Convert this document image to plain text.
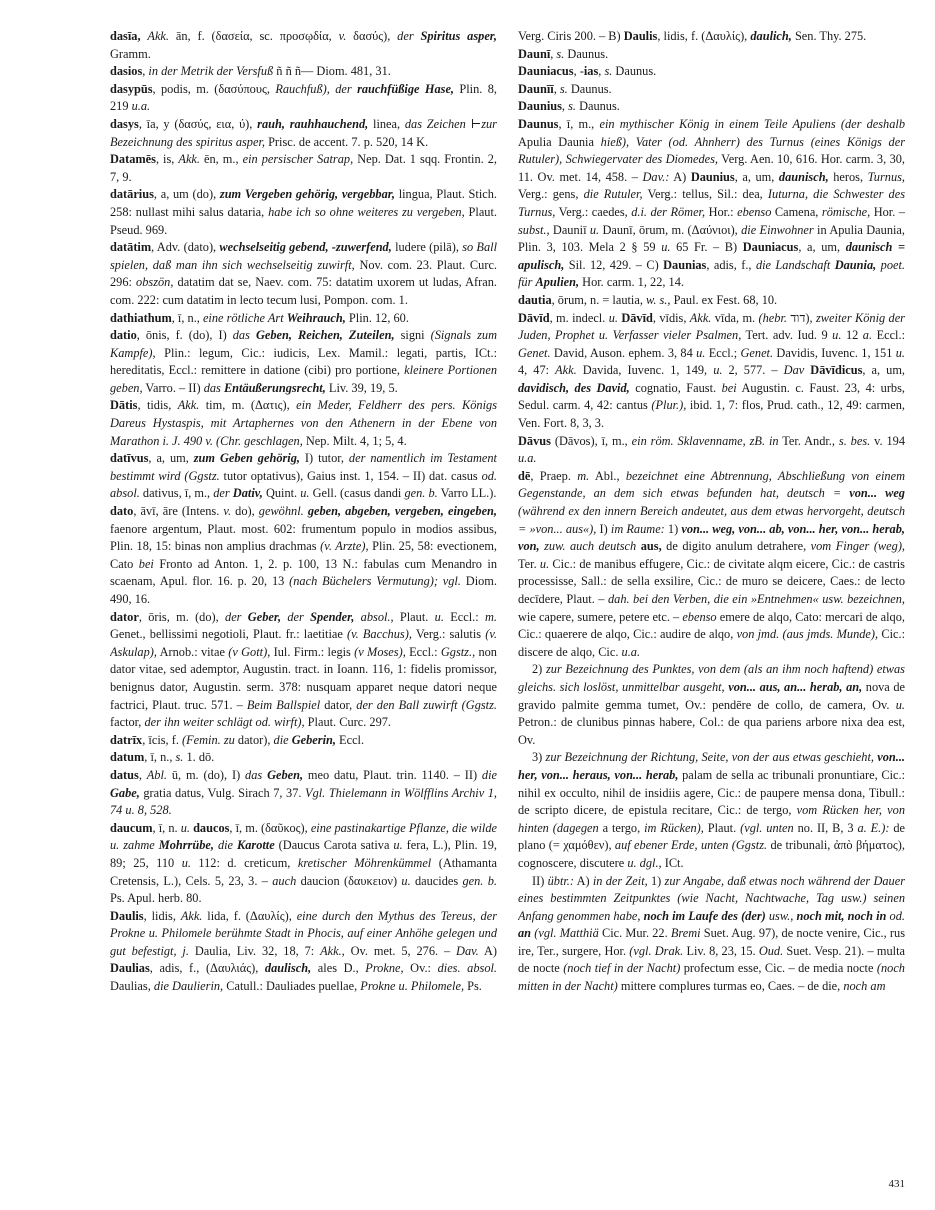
dasīa, Akk. ān, f. (δασεία, sc. προσῳδία, v. δασύς), der Spiritus asper, Gramm.

dasios, in der Metrik der Versfuß ñ ñ ñ— Diom. 481, 31.

dasypūs, podis, m. (δασύπους, Rauchfuß), der rauchfüßige Hase, Plin. 8, 219 u.a.

dasys, īa, y (δασύς, εια, ύ), rauh, rauhhauchend, linea, das Zeichen ⊢zur Bezeichnung des spiritus asper, Prisc. de accent. 7. p. 520, 14 K.

Datamēs, is, Akk. ēn, m., ein persischer Satrap, Nep. Dat. 1 sqq. Frontin. 2, 7, 9.

datārius, a, um (do), zum Vergeben gehörig, vergebbar, lingua, Plaut. Stich. 258: nullast mihi salus dataria, habe ich so ohne weiteres zu vergeben, Plaut. Pseud. 969.

datātim, Adv. (dato), wechselseitig gebend, -zuwerfend, ludere (pilā), so Ball spielen, daß man ihn sich wechselseitig zuwirft, Nov. com. 23. Plaut. Curc. 296: obszön, datatim dat se, Naev. com. 75: datatim uxorem ut ludas, Afran. com. 222: cum datatim in lecto tecum lusi, Pompon. com. 1.

dathiathum, ī, n., eine rötliche Art Weihrauch, Plin. 12, 60.

datio, ōnis, f. (do), I) das Geben, Reichen, Zuteilen, signi (Signals zum Kampfe), Plin.: legum, Cic.: iudicis, Lex. Mamil.: legati, partis, ICt.: hereditatis, Eccl.: remittere in datione (cibi) pro portione, kleinere Portionen geben, Varro. – II) das Entäußerungsrecht, Liv. 39, 19, 5.

Dātis, tidis, Akk. tim, m. (Δατις), ein Meder, Feldherr des pers. Königs Dareus Hystaspis, mit Artaphernes von den Athenern in der Ebene von Marathon i. J. 490 v. (Chr. geschlagen, Nep. Milt. 4, 1; 5, 4.

datīvus, a, um, zum Geben gehörig, I) tutor, der namentlich im Testament bestimmt wird (Ggstz. tutor optativus), Gaius inst. 1, 154. – II) dat. casus od. absol. dativus, ī, m., der Dativ, Quint. u. Gell. (casus dandi gen. b. Varro LL.).

dato, āvī, āre (Intens. v. do), gewöhnl. geben, abgeben, vergeben, eingeben, faenore argentum, Plaut. most. 602: frumentum populo in modios assibus, Plin. 18, 15: binas non amplius drachmas (v. Arzte), Plin. 25, 58: evectionem, Cato bei Fronto ad Anton. 1, 2. p. 100, 13 N.: fabulas cum Menandro in scaenam, Apul. flor. 16. p. 20, 13 (nach Büchelers Vermutung); vgl. Diom. 490, 16.

dator, ōris, m. (do), der Geber, der Spender, absol., Plaut. u. Eccl.: m. Genet., bellissimi negotioli, Plaut. fr.: laetitiae (v. Bacchus), Verg.: salutis (v. Askulap), Arnob.: vitae (v Gott), Iul. Firm.: legis (v Moses), Eccl.: Ggstz., non dator vitae, sed ademptor, Augustin. tract. in Ioann. 116, 1: fidelis promissor, benignus dator, Augustin. serm. 378: nusquam apparet neque datori neque factrici, Plaut. truc. 571. – Beim Ballspiel dator, der den Ball zuwirft (Ggstz. factor, der ihn weiter schlägt od. wirft), Plaut. Curc. 297.

datrīx, īcis, f. (Femin. zu dator), die Geberin, Eccl.

datum, ī, n., s. 1. dō.

datus, Abl. ū, m. (do), I) das Geben, meo datu, Plaut. trin. 1140. – II) die Gabe, gratia datus, Vulg. Sirach 7, 37. Vgl. Thielemann in Wölfflins Archiv 1, 74 u. 8, 528.

daucum, ī, n. u. daucos, ī, m. (δαῦκος), eine pastinakartige Pflanze, die wilde u. zahme Mohrrübe, die Karotte (Daucus Carota sativa u. fera, L.), Plin. 19, 89; 25, 110 u. 112: d. creticum, kretischer Möhrenkümmel (Athamanta Cretensis, L.), Cels. 5, 23, 3. – auch daucion (δαυκειον) u. daucides gen. b. Ps. Apul. herb. 80.

Daulis, lidis, Akk. lida, f. (Δαυλίς), eine durch den Mythus des Tereus, der Prokne u. Philomele berühmte Stadt in Phocis, auf einer Anhöhe gelegen und gut befestigt, j. Daulia, Liv. 32, 18, 7: Akk., Ov. met. 5, 276. – Dav. A) Daulias, adis, f., (Δαυλιάς), daulisch, ales D., Prokne, Ov.: dies. absol. Daulias, die Daulierin, Catull.: Dauliades puellae, Prokne u. Philomele, Ps.

Verg. Ciris 200. – B) Daulis, lidis, f. (Δαυλίς), daulich, Sen. Thy. 275.

Daunī, s. Daunus.

Dauniacus, -ias, s. Daunus.

Daunīī, s. Daunus.

Daunius, s. Daunus.

Daunus, ī, m., ein mythischer König in einem Teile Apuliens (der deshalb Apulia Daunia hieß), Vater (od. Ahnherr) des Turnus (eines Königs der Rutuler), Schwiegervater des Diomedes, Verg. Aen. 10, 616. Hor. carm. 3, 30, 11. Ov. met. 14, 458. – Dav.: A) Daunius, a, um, daunisch, heros, Turnus, Verg.: gens, die Rutuler, Verg.: tellus, Sil.: dea, Iuturna, die Schwester des Turnus, Verg.: caedes, d.i. der Römer, Hor.: ebenso Camena, römische, Hor. – subst., Dauniī u. Daunī, ōrum, m. (Δαύνιοι), die Einwohner in Apulia Daunia, Plin. 3, 103. Mela 2 § 59 u. 65 Fr. – B) Dauniacus, a, um, daunisch = apulisch, Sil. 12, 429. – C) Daunias, adis, f., die Landschaft Daunia, poet. für Apulien, Hor. carm. 1, 22, 14.

dautia, ōrum, n. = lautia, w. s., Paul. ex Fest. 68, 10.

Dāvīd, m. indecl. u. Dāvīd, vīdis, Akk. vīda, m. (hebr. דוד), zweiter König der Juden, Prophet u. Verfasser vieler Psalmen, Tert. adv. Iud. 9 u. 12 a. Eccl.: Genet. David, Auson. ephem. 3, 84 u. Eccl.; Genet. Davidis, Iuvenc. 1, 151 u. 4, 47: Akk. Davida, Iuvenc. 1, 149, u. 2, 577. – Dav Dāvīdicus, a, um, davidisch, des David, cognatio, Faust. bei Augustin. c. Faust. 23, 4: urbs, Sedul. carm. 4, 42: cantus (Plur.), ibid. 1, 7: flos, Prud. cath., 12, 49: carmen, Ven. Fort. 8, 3, 3.

Dāvus (Dāvos), ī, m., ein röm. Sklavenname, zB. in Ter. Andr., s. bes. v. 194 u.a.

dē, Praep. m. Abl., bezeichnet eine Abtrennung, Abschließung von einem Gegenstande, an dem sich etwas befunden hat, deutsch = von... weg (während ex den innern Bereich andeutet, aus dem etwas hervorgeht, deutsch = »von... aus«), I) im Raume: 1) von... weg, von... ab, von... her, von... herab, von, zuw. auch deutsch aus, de digito anulum detrahere, vom Finger (weg), Ter. u. Cic.: de manibus effugere, Cic.: de civitate alqm eicere, Cic.: de castris processisse, Sall.: de sella exsilire, Cic.: de muro se deicere, Caes.: de lecto decīdere, Plaut. – dah. bei den Verben, die ein »Entnehmen« usw. bezeichnen, wie capere, sumere, petere etc. – ebenso emere de alqo, Cato: mercari de alqo, Cic.: quaerere de alqo, Cic.: audire de alqo, von jmd. (aus jmds. Munde), Cic.: discere de alqo, Cic. u.a.

2) zur Bezeichnung des Punktes, von dem (als an ihm noch haftend) etwas gleichs. sich loslöst, unmittelbar ausgeht, von... aus, an... herab, an, nova de gravido palmite gemma tumet, Ov.: pendēre de collo, de camera, Ov. u. Petron.: de clunibus pinnas habere, Col.: de qua pariens arbore nixa dea est, Ov.

3) zur Bezeichnung der Richtung, Seite, von der aus etwas geschieht, von... her, von... heraus, von... herab, palam de sella ac tribunali pronuntiare, Cic.: nihil ex occulto, nihil de insidiis agere, Cic.: de paupere mensa dona, Tibull.: de scripto dicere, de epistula recitare, Cic.: de tergo, vom Rücken her, von hinten (dagegen a tergo, im Rücken), Plaut. (vgl. unten no. II, B, 3 a. E.): de plano (= χαμόθεν), auf ebener Erde, unten (Ggstz. de tribunali, ἀπὸ βήματος), cognoscere, discutere u. dgl., ICt.

II) übtr.: A) in der Zeit, 1) zur Angabe, daß etwas noch während der Dauer eines bestimmten Zeitpunktes (wie Nacht, Nachtwache, Tag usw.) seinen Anfang genommen habe, noch im Laufe des (der) usw., noch mit, noch in od. an (vgl. Matthiä Cic. Mur. 22. Bremi Suet. Aug. 97), de nocte venire, Cic., rus ire, Ter., surgere, Hor. (vgl. Drak. Liv. 8, 23, 15. Oud. Suet. Vesp. 21). – multa de nocte (noch tief in der Nacht) profectum esse, Cic. – de media nocte (noch mitten in der Nacht) mittere complures turmas eo, Caes. – de die, noch am

431
